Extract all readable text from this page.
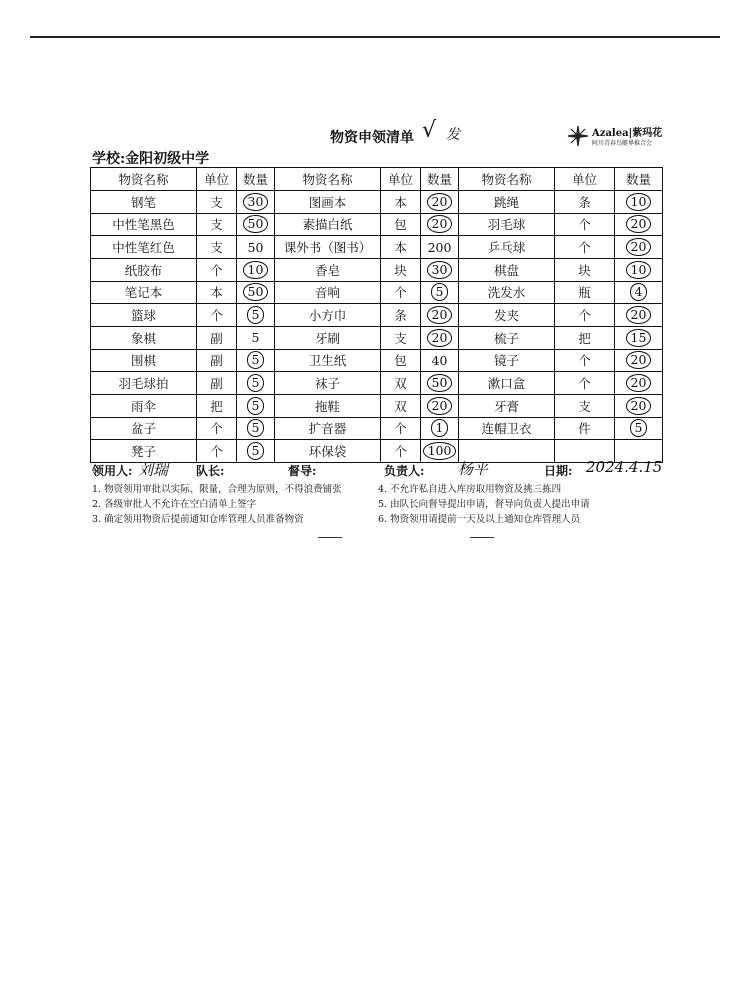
物资申领清单 √ 发	Azalea|紫玛花
阿川青春鸟艇界推合会
学校:金阳初级中学
物资名称	单位	数量	物资名称	单位	数量	物资名称	单位	数量
钢笔	支	30	图画本	本	20	跳绳	条	10
中性笔黑色	支	50	素描白纸	包	20	羽毛球	个	20
中性笔红色	支	50	课外书（图书）	本	200	乒乓球	个	20
纸胶布	个	10	香皂	块	30	棋盘	块	10
笔记本	本	50	音响	个	5	洗发水	瓶	4
篮球	个	5	小方巾	条	20	发夹	个	20
象棋	副	5	牙刷	支	20	梳子	把	15
围棋	副	5	卫生纸	包	40	镜子	个	20
羽毛球拍	副	5	袜子	双	50	漱口盒	个	20
雨伞	把	5	拖鞋	双	20	牙膏	支	20
盆子	个	5	扩音器	个	1	连帽卫衣	件	5
凳子	个	5	环保袋	个	100			
领用人: 刘瑞 队长:	督导:	负责人: 杨平	日期: 2024.4.15
1. 物资领用审批以实际、限量，合理为原则，不得浪费铺张
2. 各级审批人不允许在空白清单上签字
3. 确定领用物资后提前通知仓库管理人员准备物资
4. 不允许私自进入库房取用物资及挑三拣四
5. 由队长向督导提出申请，督导向负责人提出申请
6. 物资领用请提前一天及以上通知仓库管理人员
